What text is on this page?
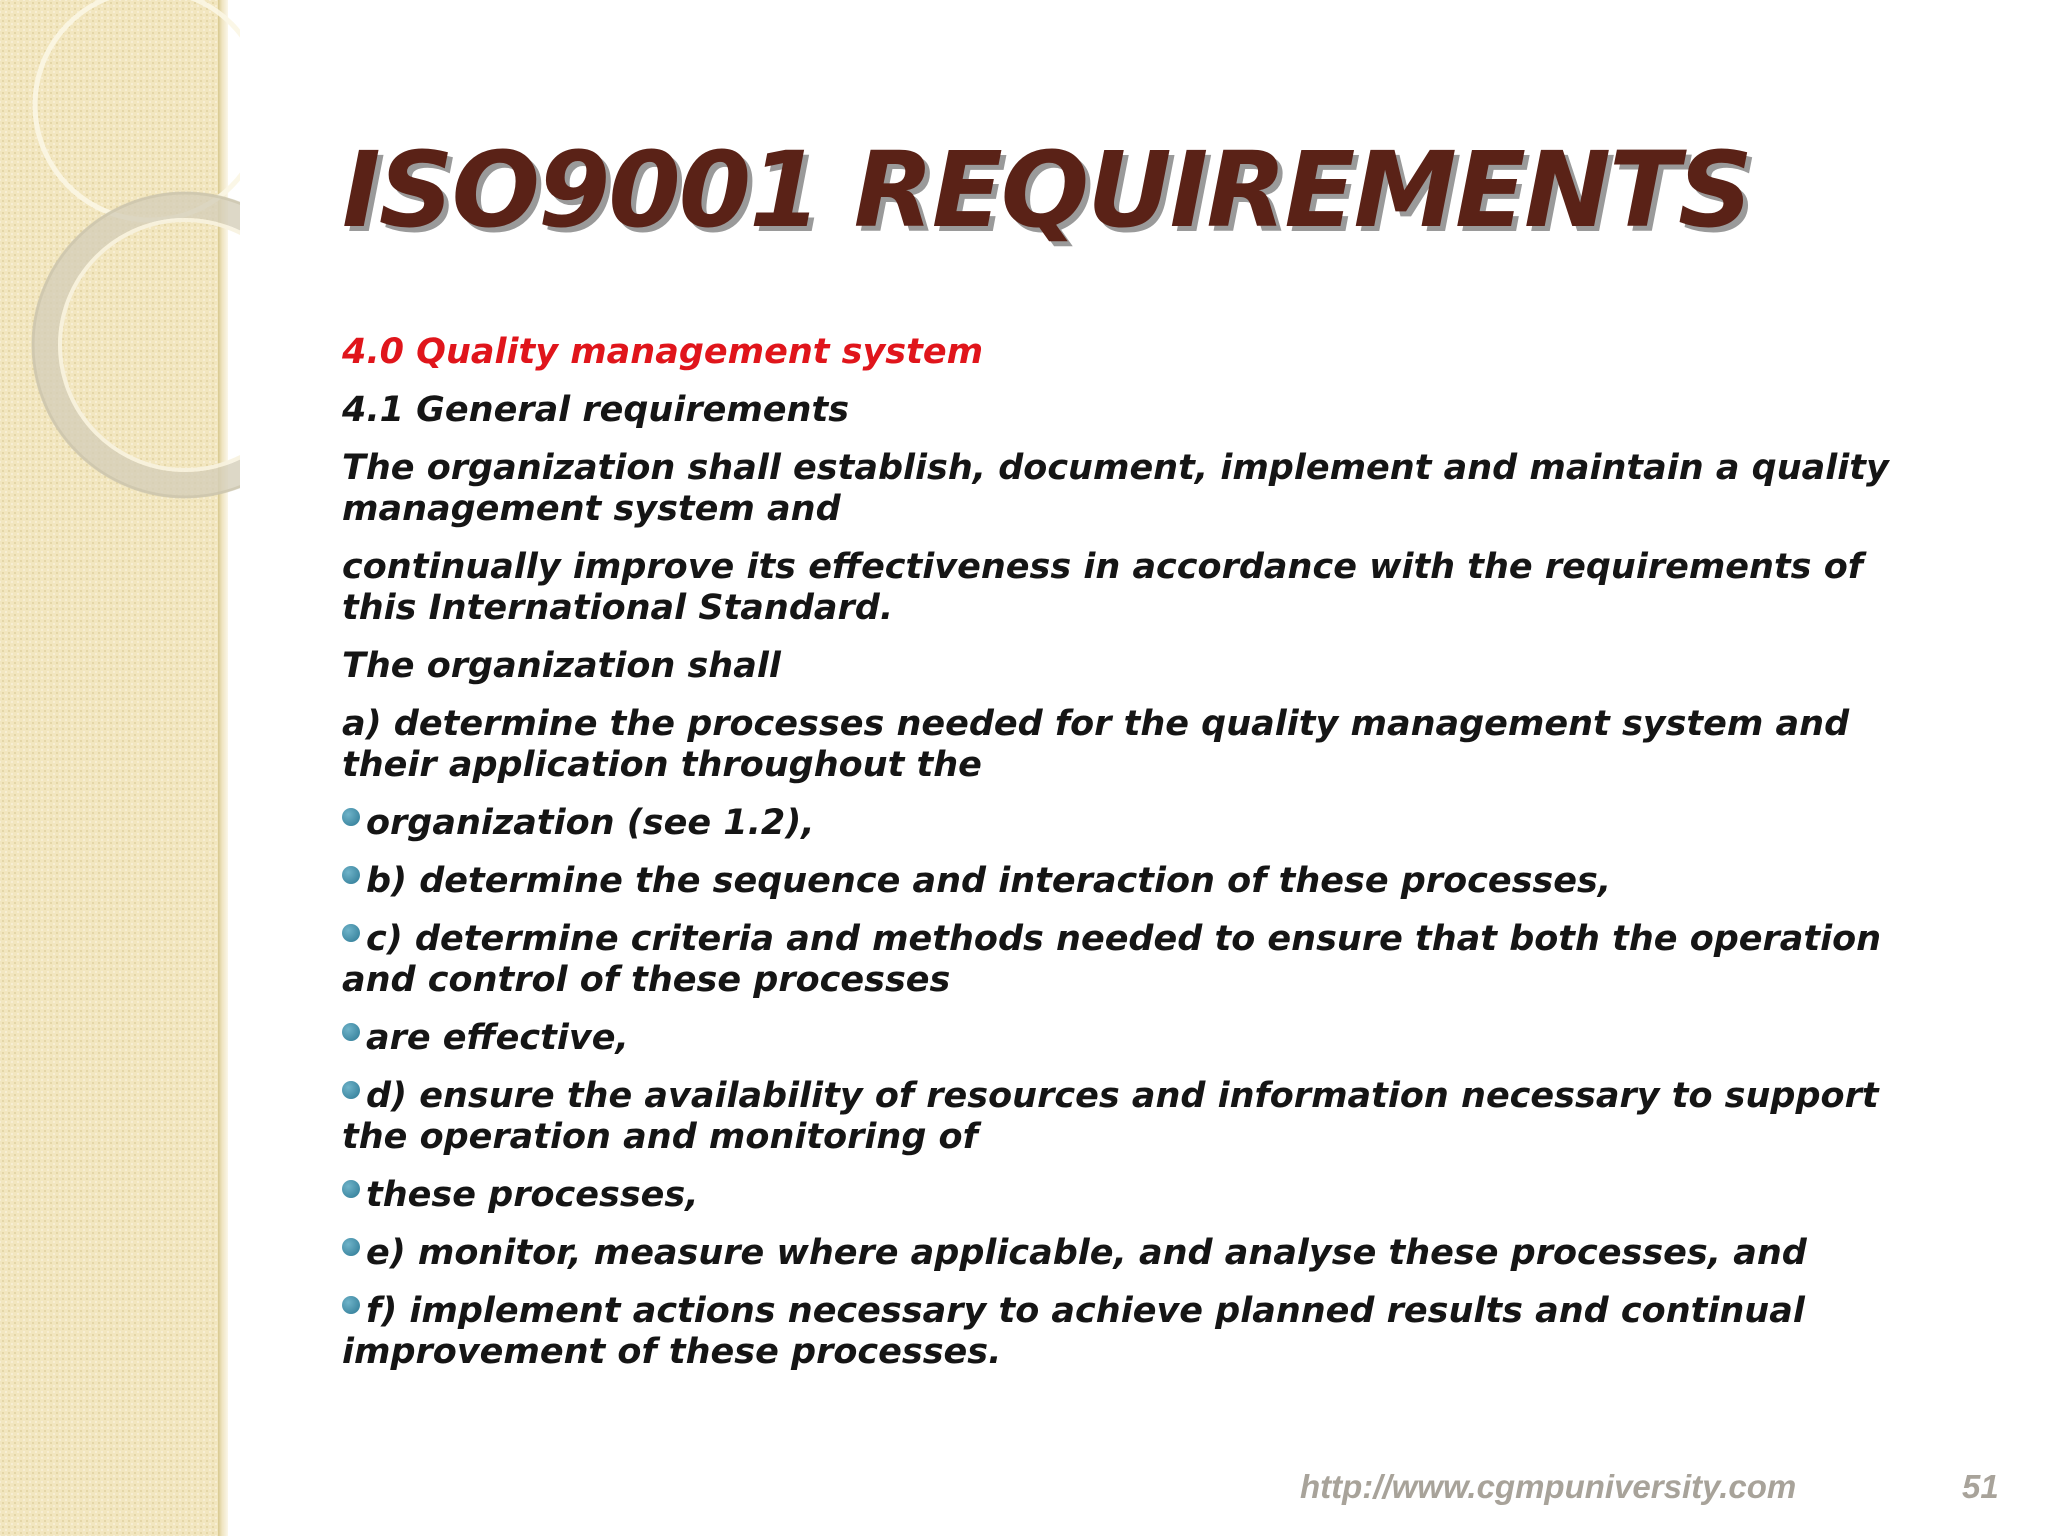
ISO9001 REQUIREMENTS

4.0 Quality management system

4.1 General requirements

The organization shall establish, document, implement and maintain a quality management system and

continually improve its effectiveness in accordance with the requirements of this International Standard.

The organization shall

a) determine the processes needed for the quality management system and their application throughout the

organization (see 1.2),

b) determine the sequence and interaction of these processes,

c) determine criteria and methods needed to ensure that both the operation and control of these processes

are effective,

d) ensure the availability of resources and information necessary to support the operation and monitoring of

these processes,

e) monitor, measure where applicable, and analyse these processes, and

f) implement actions necessary to achieve planned results and continual improvement of these processes.

http://www.cgmpuniversity.com	51
